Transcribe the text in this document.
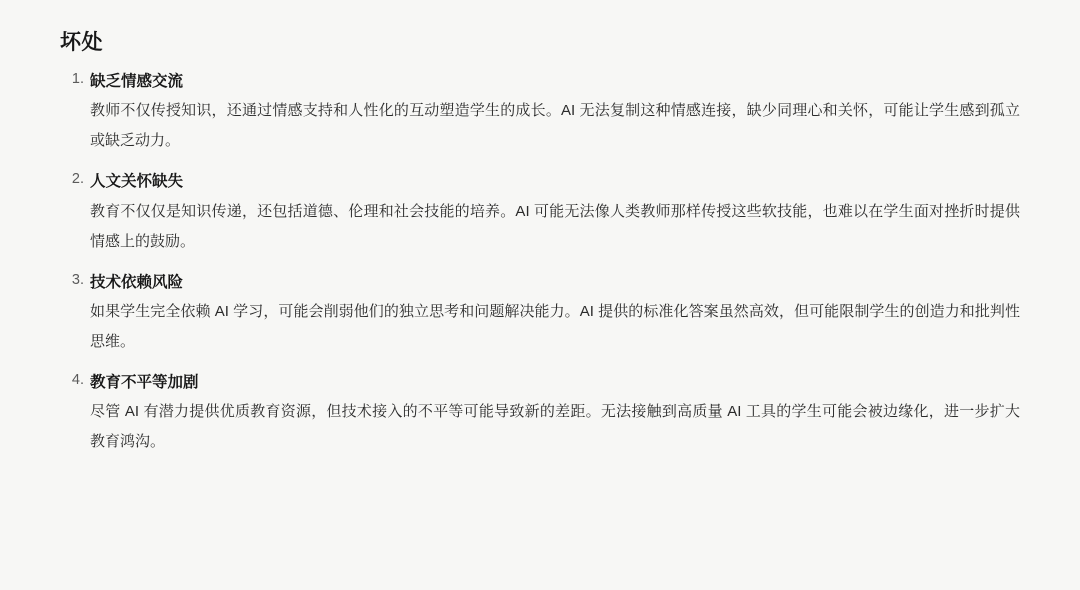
坏处
缺乏情感交流
教师不仅传授知识，还通过情感支持和人性化的互动塑造学生的成长。AI 无法复制这种情感连接，缺少同理心和关怀，可能让学生感到孤立或缺乏动力。
人文关怀缺失
教育不仅仅是知识传递，还包括道德、伦理和社会技能的培养。AI 可能无法像人类教师那样传授这些软技能，也难以在学生面对挫折时提供情感上的鼓励。
技术依赖风险
如果学生完全依赖 AI 学习，可能会削弱他们的独立思考和问题解决能力。AI 提供的标准化答案虽然高效，但可能限制学生的创造力和批判性思维。
教育不平等加剧
尽管 AI 有潜力提供优质教育资源，但技术接入的不平等可能导致新的差距。无法接触到高质量 AI 工具的学生可能会被边缘化，进一步扩大教育鸿沟。
